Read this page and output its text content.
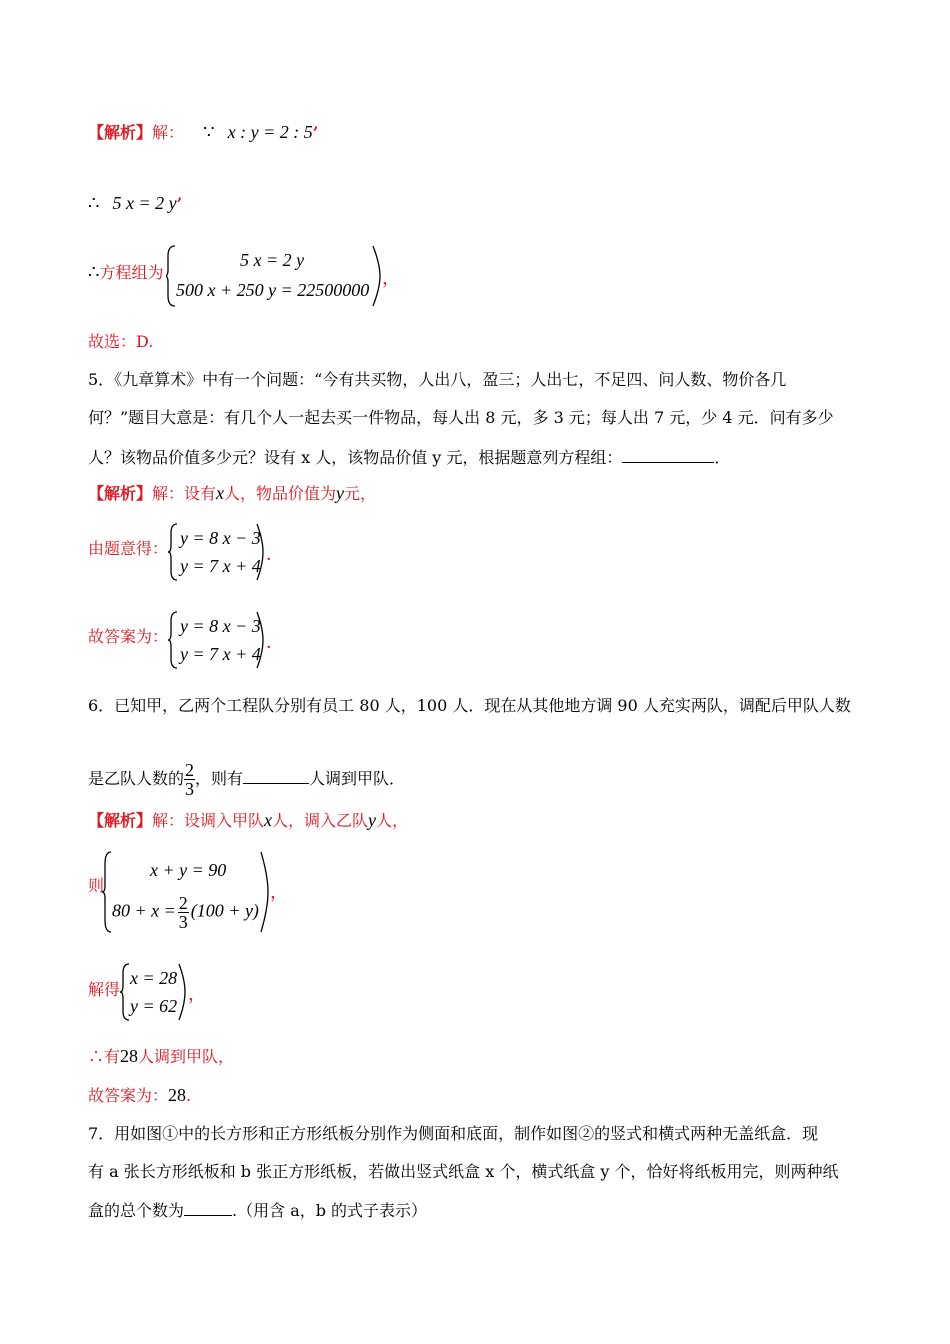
【解析】解： ∵ x : y = 2 : 5’
∴ 5 x = 2 y’
∴方程组为
5 x = 2 y
500 x + 250 y = 22500000
，
故选：D.
5．《九章算术》中有一个问题：“今有共买物，人出八，盈三；人出七，不足四、问人数、物价各几
何？”题目大意是：有几个人一起去买一件物品，每人出 8 元，多 3 元；每人出 7 元，少 4 元．问有多少
人？该物品价值多少元？设有 x 人，该物品价值 y 元，根据题意列方程组：	．
【解析】解：设有x人，物品价值为y元，
由题意得：
y = 8 x − 3
y = 7 x + 4
．
故答案为：
y = 8 x − 3
y = 7 x + 4
．
6．已知甲，乙两个工程队分别有员工 80 人，100 人．现在从其他地方调 90 人充实两队，调配后甲队人数
是乙队人数的 $\frac{2}{3}$ ，则有	人调到甲队．
【解析】解：设调入甲队x人，调入乙队y人，
则
x + y = 90
$80 + x = \frac{2}{3} (100 + y)$
，
解得
x = 28
y = 62
，
∴有28人调到甲队，
故答案为：28.
7．用如图①中的长方形和正方形纸板分别作为侧面和底面，制作如图②的竖式和横式两种无盖纸盒．现
有 a 张长方形纸板和 b 张正方形纸板，若做出竖式纸盒 x 个，横式纸盒 y 个，恰好将纸板用完，则两种纸
盒的总个数为	.（用含 a，b 的式子表示）
